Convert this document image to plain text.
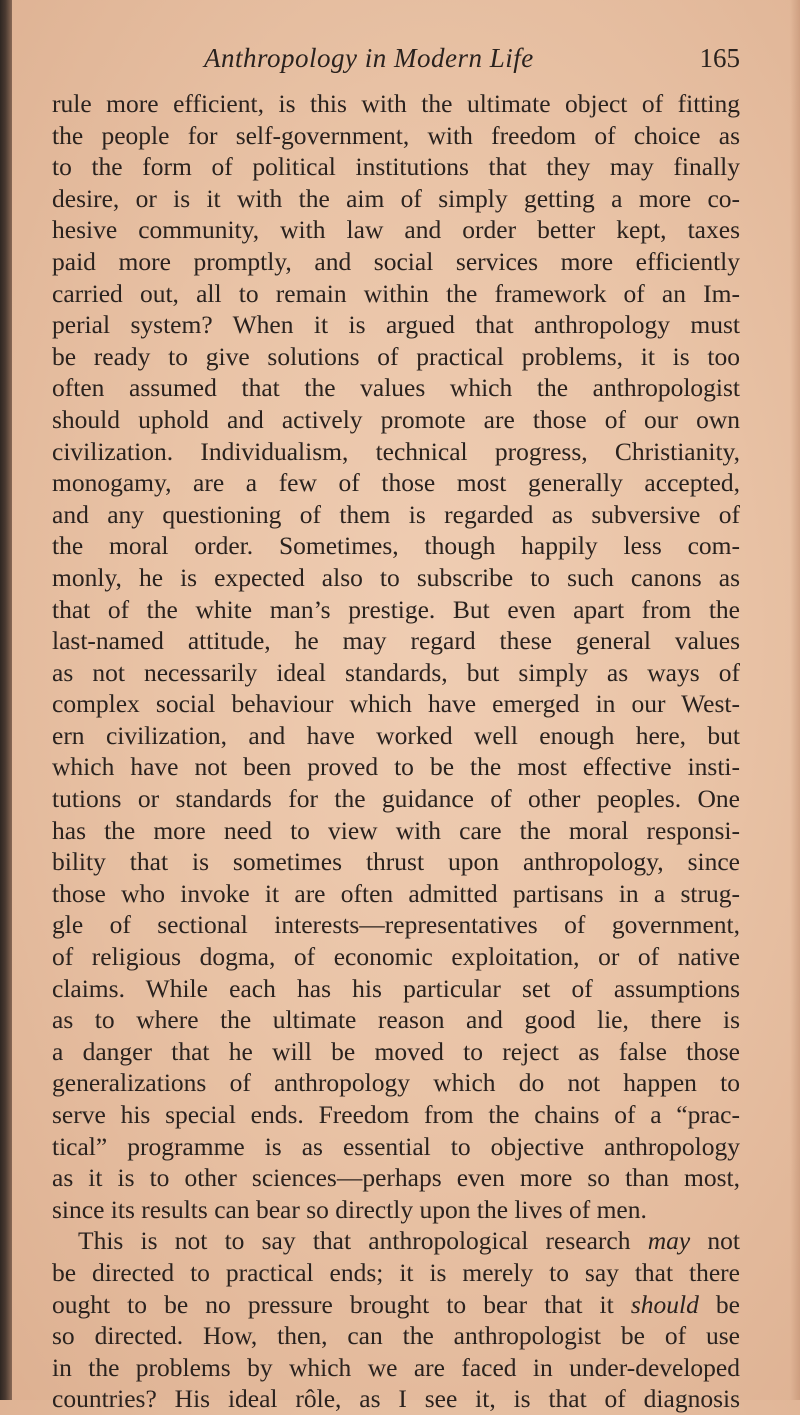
Anthropology in Modern Life	165
rule more efficient, is this with the ultimate object of fitting
the people for self-government, with freedom of choice as
to the form of political institutions that they may finally
desire, or is it with the aim of simply getting a more co-
hesive community, with law and order better kept, taxes
paid more promptly, and social services more efficiently
carried out, all to remain within the framework of an Im-
perial system? When it is argued that anthropology must
be ready to give solutions of practical problems, it is too
often assumed that the values which the anthropologist
should uphold and actively promote are those of our own
civilization. Individualism, technical progress, Christianity,
monogamy, are a few of those most generally accepted,
and any questioning of them is regarded as subversive of
the moral order. Sometimes, though happily less com-
monly, he is expected also to subscribe to such canons as
that of the white man’s prestige. But even apart from the
last-named attitude, he may regard these general values
as not necessarily ideal standards, but simply as ways of
complex social behaviour which have emerged in our West-
ern civilization, and have worked well enough here, but
which have not been proved to be the most effective insti-
tutions or standards for the guidance of other peoples. One
has the more need to view with care the moral responsi-
bility that is sometimes thrust upon anthropology, since
those who invoke it are often admitted partisans in a strug-
gle of sectional interests—representatives of government,
of religious dogma, of economic exploitation, or of native
claims. While each has his particular set of assumptions
as to where the ultimate reason and good lie, there is
a danger that he will be moved to reject as false those
generalizations of anthropology which do not happen to
serve his special ends. Freedom from the chains of a “prac-
tical” programme is as essential to objective anthropology
as it is to other sciences—perhaps even more so than most,
since its results can bear so directly upon the lives of men.
This is not to say that anthropological research may not
be directed to practical ends; it is merely to say that there
ought to be no pressure brought to bear that it should be
so directed. How, then, can the anthropologist be of use
in the problems by which we are faced in under-developed
countries? His ideal rôle, as I see it, is that of diagnosis
